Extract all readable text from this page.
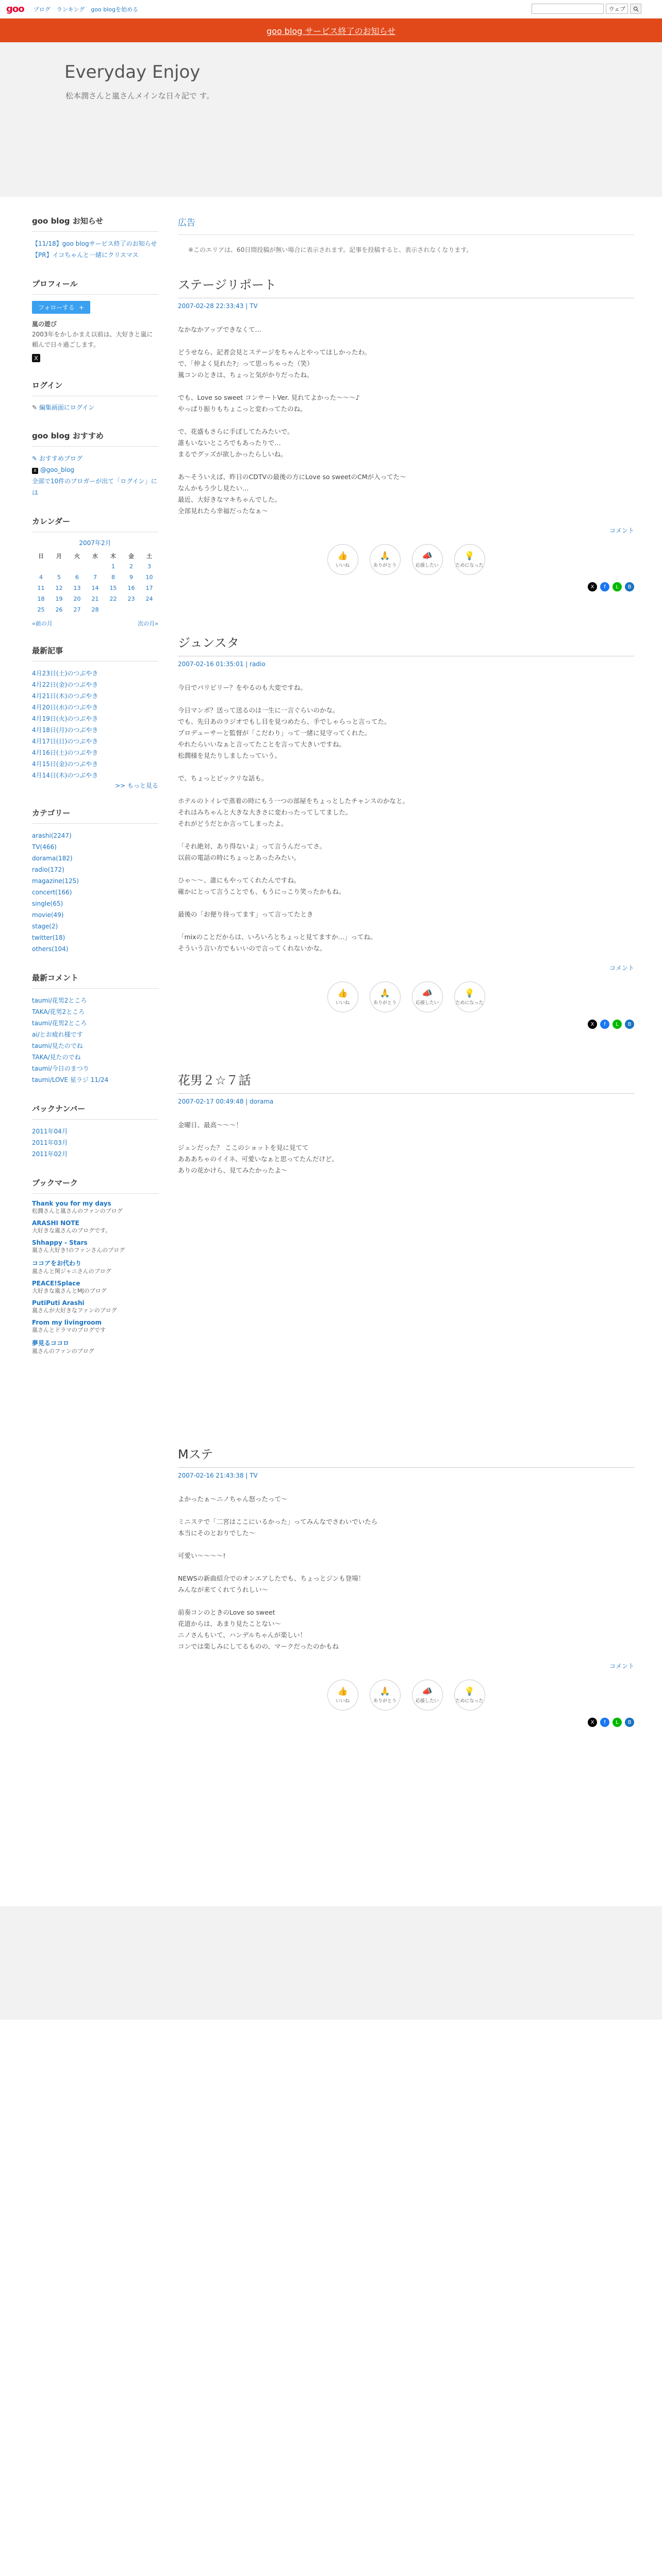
goo ブログ ランキング goo blogを始める	ウェブ
goo blog サービス終了のお知らせ
Everyday Enjoy
松本潤さんと嵐さんメインな日々記で す。
goo blog お知らせ
【11/18】goo blogサービス終了のお知らせ
【PR】イコちゃんと一緒にクリスマス
プロフィール
フォローする +
嵐の遊び
2003年をかしかまえ以前は、大好きと嵐に頼んで日々過ごします。
X
ログイン
✎ 編集画面にログイン
goo blog おすすめ
✎ おすすめブログ
X @goo_blog
全部で10件のブロガーが出て「ログイン」には
カレンダー
2007年2月
日	月	火	水	木	金	土
				1	2	3
4	5	6	7	8	9	10
11	12	13	14	15	16	17
18	19	20	21	22	23	24
25	26	27	28			
«前の月	次の月»
最新記事
4月23日(土)のつぶやき
4月22日(金)のつぶやき
4月21日(木)のつぶやき
4月20日(水)のつぶやき
4月19日(火)のつぶやき
4月18日(月)のつぶやき
4月17日(日)のつぶやき
4月16日(土)のつぶやき
4月15日(金)のつぶやき
4月14日(木)のつぶやき
>> もっと見る
カテゴリー
arashi(2247)
TV(466)
dorama(182)
radio(172)
magazine(125)
concert(166)
single(65)
movie(49)
stage(2)
twitter(18)
others(104)
最新コメント
taumi/花男2ところ
TAKA/花男2ところ
taumi/花男2ところ
ai/とお疲れ様です
taumi/見たのでね
TAKA/見たのでね
taumi/今日のまつり
taumi/LOVE 星ラジ 11/24
バックナンバー
2011年04月
2011年03月
2011年02月
ブックマーク
Thank you for my days
松潤さんと嵐さんのファンのブログ
ARASHI NOTE
大好きな嵐さんのブログです。
Shhappy - Stars
嵐さん大好き!のファンさんのブログ
ココアをお代わり
嵐さんと関ジャニさんのブログ
PEACE!Splace
大好きな嵐さんとMJのブログ
PutiPuti Arashi
嵐さんが大好きなファンのブログ
From my livingroom
嵐さんとドラマのブログです
夢見るココロ
嵐さんのファンのブログ
広告
※このエリアは、60日間投稿が無い場合に表示されます。記事を投稿すると、表示されなくなります。
ステージリポート
2007-02-28 22:33:43 | TV

なかなかアップできなくて…

どうせなら、記者会見とステージをちゃんとやってほしかったわ。

で、「仲よく見れた?」って思っちゃった（笑）

嵐コンのときは、ちょっと気がかりだったね。

でも、Love so sweet コンサートVer. 見れてよかった〜〜〜♪

やっぱり振りもちょこっと変わってたのね。

で、花盛もさらに手ぽしてたみたいで。

誰もいないところでもあったりで…

まるでグッズが欲しかったらしいね。

あ〜そういえば、昨日のCDTVの最後の方にLove so sweetのCMが入ってた〜

なんかもう少し見たい…

最近、大好きなマキちゃんでした。

全部見れたら幸福だったなぁ〜

コメント
👍
いいね
🙏
ありがとう
📣
応援したい
💡
ためになった
X	f	L	B
ジュンスタ
2007-02-16 01:35:01 | radio

今日でパリピリー？をやるのも大変ですね。

今日マンボ？送って送るのは一生に一言ぐらいのかな。

でも、先日あのラジオでもし目を見つめたら、手でしゃらっと言ってた。

プロデューサーと監督が「こだわり」って一緒に見守ってくれた。

やれたらいいなぁと言ってたことを言って大きいですね。

松潤様を見たりしましたっていう。

で、ちょっとビックリな話も。

ホテルのトイレで蒸着の時にもう一つの部屋をちょっとしたチャンスのかなと。

それはみちゃんと大きな大きさに変わったってしてました。

それがどうだとか言ってしまったよ。

「それ絶対、あり得ないよ」って言うんだってさ。

以前の電話の時にちょっとあったみたい。

ひゃ〜〜、誰にもやってくれたんですね。

確かにとって言うことでも、もうにっこり笑ったかもね。

最後の「お便り待ってます」って言ってたとき

「mixのことだからは、いろいろとちょっと見てますか…」ってね。

そういう言い方でもいいので言ってくれないかな。

コメント
👍
いいね
🙏
ありがとう
📣
応援したい
💡
ためになった
X	f	L	B
花男２☆７話
2007-02-17 00:49:48 | dorama

金曜日、最高〜〜〜！

ジュンだった？ ここのショットを見に見てて

あああちゃのイイネ、可愛いなぁと思ってたんだけど。

ありの花かけら、見てみたかったよ〜

Mステ
2007-02-16 21:43:38 | TV

よかったぁ〜ニノちゃん怒ったって〜

ミニステで「二宮はここにいるかった」ってみんなでさわいでいたら

本当にそのとおりでした〜

可愛い〜〜〜〜!

NEWSの新曲紹介でのオンエアしたでも、ちょっとジンも登場！

みんなが来てくれてうれしい〜

前奏コンのときのLove so sweet

花道からは、あまり見たことない〜

ニノさんもいて、ハンデルちゃんが楽しい！

コンでは楽しみにしてるものの、マークだったのかもね

コメント
👍
いいね
🙏
ありがとう
📣
応援したい
💡
ためになった
X	f	L	B
